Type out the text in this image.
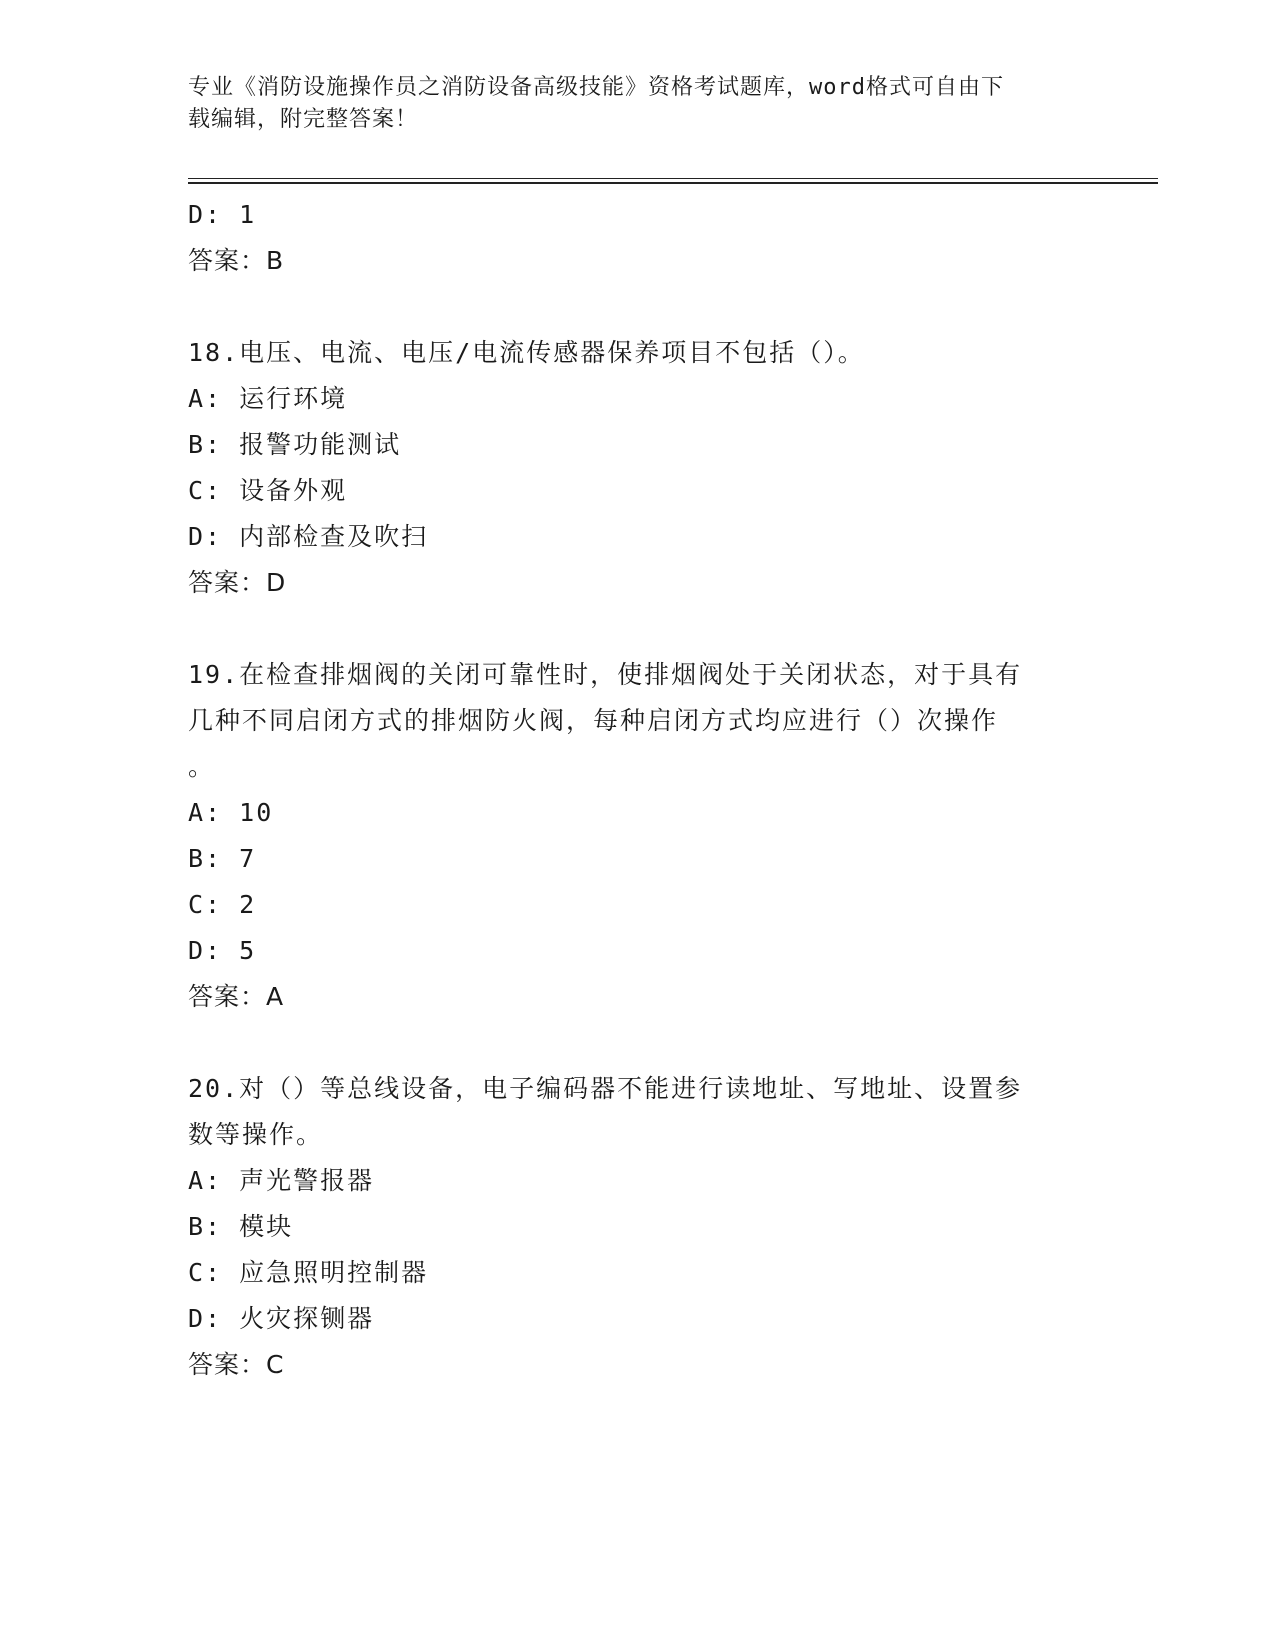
专业《消防设施操作员之消防设备高级技能》资格考试题库，word格式可自由下
载编辑，附完整答案！
D: 1
答案：B
18.电压、电流、电压/电流传感器保养项目不包括（）。
A: 运行环境
B: 报警功能测试
C: 设备外观
D: 内部检查及吹扫
答案：D
19.在检查排烟阀的关闭可靠性时，使排烟阀处于关闭状态，对于具有
几种不同启闭方式的排烟防火阀，每种启闭方式均应进行（）次操作
。
A: 10
B: 7
C: 2
D: 5
答案：A
20.对（）等总线设备，电子编码器不能进行读地址、写地址、设置参
数等操作。
A: 声光警报器
B: 模块
C: 应急照明控制器
D: 火灾探铡器
答案：C
